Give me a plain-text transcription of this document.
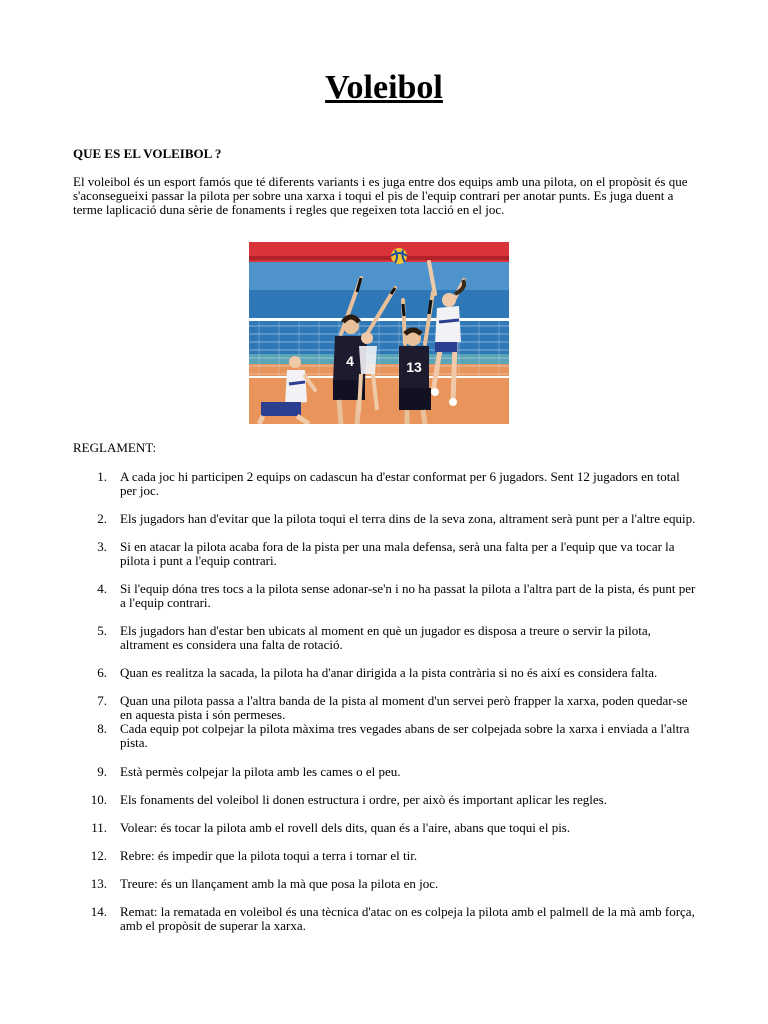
Voleibol

QUE ES EL VOLEIBOL ?

El voleibol és un esport famós que té diferents variants i es juga entre dos equips amb una pilota, on el propòsit és que s'aconsegueixi passar la pilota per sobre una xarxa i toqui el pis de l'equip contrari per anotar punts. Es juga duent a terme laplicació duna sèrie de fonaments i regles que regeixen tota lacció en el joc.

4	13

REGLAMENT:

1. A cada joc hi participen 2 equips on cadascun ha d'estar conformat per 6 jugadors. Sent 12 jugadors en total per joc.
2. Els jugadors han d'evitar que la pilota toqui el terra dins de la seva zona, altrament serà punt per a l'altre equip.
3. Si en atacar la pilota acaba fora de la pista per una mala defensa, serà una falta per a l'equip que va tocar la pilota i punt a l'equip contrari.
4. Si l'equip dóna tres tocs a la pilota sense adonar-se'n i no ha passat la pilota a l'altra part de la pista, és punt per a l'equip contrari.
5. Els jugadors han d'estar ben ubicats al moment en què un jugador es disposa a treure o servir la pilota, altrament es considera una falta de rotació.
6. Quan es realitza la sacada, la pilota ha d'anar dirigida a la pista contrària si no és així es considera falta.
7. Quan una pilota passa a l'altra banda de la pista al moment d'un servei però frapper la xarxa, poden quedar-se en aquesta pista i són permeses.
8. Cada equip pot colpejar la pilota màxima tres vegades abans de ser colpejada sobre la xarxa i enviada a l'altra pista.
9. Està permès colpejar la pilota amb les cames o el peu.
10. Els fonaments del voleibol li donen estructura i ordre, per això és important aplicar les regles.
11. Volear: és tocar la pilota amb el rovell dels dits, quan és a l'aire, abans que toqui el pis.
12. Rebre: és impedir que la pilota toqui a terra i tornar el tir.
13. Treure: és un llançament amb la mà que posa la pilota en joc.
14. Remat: la rematada en voleibol és una tècnica d'atac on es colpeja la pilota amb el palmell de la mà amb força, amb el propòsit de superar la xarxa.
